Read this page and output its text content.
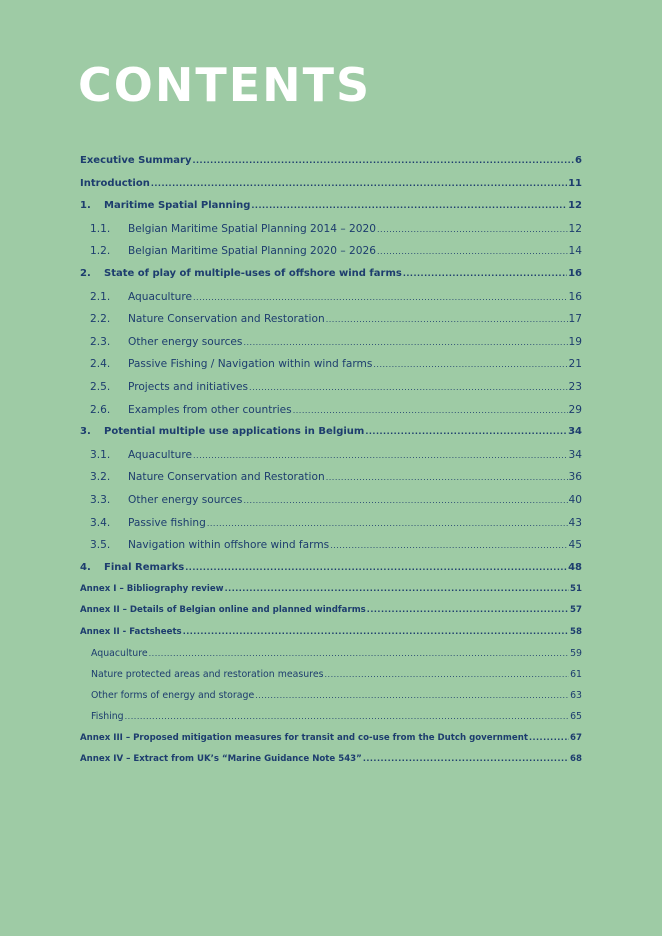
CONTENTS
Executive Summary .....	6
Introduction .....	11
1.	Maritime Spatial Planning .....	12
1.1.	Belgian Maritime Spatial Planning 2014 – 2020 .....	12
1.2.	Belgian Maritime Spatial Planning 2020 – 2026 .....	14
2.	State of play of multiple-uses of offshore wind farms .....	16
2.1.	Aquaculture .....	16
2.2.	Nature Conservation and Restoration .....	17
2.3.	Other energy sources .....	19
2.4.	Passive Fishing / Navigation within wind farms .....	21
2.5.	Projects and initiatives .....	23
2.6.	Examples from other countries .....	29
3.	Potential multiple use applications in Belgium .....	34
3.1.	Aquaculture .....	34
3.2.	Nature Conservation and Restoration .....	36
3.3.	Other energy sources .....	40
3.4.	Passive fishing .....	43
3.5.	Navigation within offshore wind farms .....	45
4.	Final Remarks .....	48
Annex I – Bibliography review .....	51
Annex II – Details of Belgian online and planned windfarms .....	57
Annex II - Factsheets .....	58
Aquaculture .....	59
Nature protected areas and restoration measures .....	61
Other forms of energy and storage .....	63
Fishing .....	65
Annex III – Proposed mitigation measures for transit and co-use from the Dutch government .....	67
Annex IV – Extract from UK’s “Marine Guidance Note 543” .....	68
